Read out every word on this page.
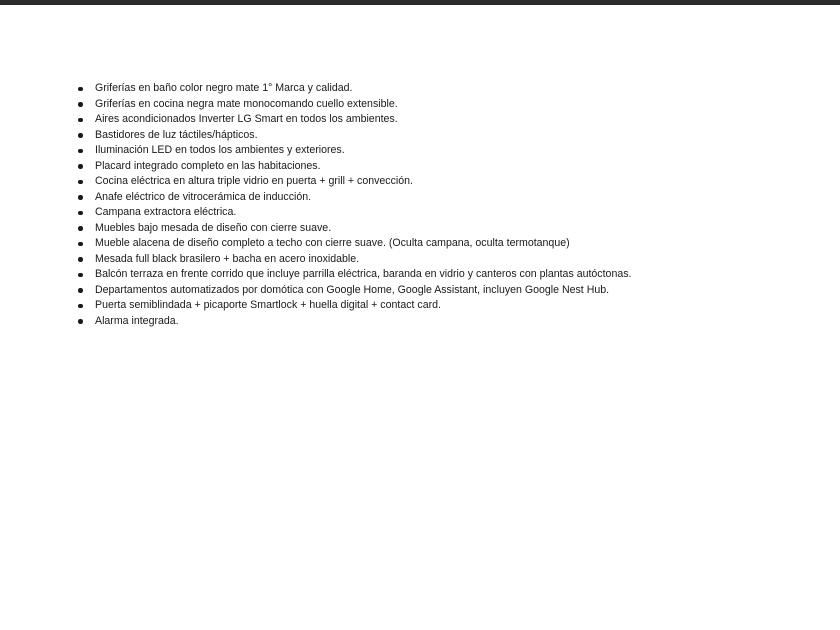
Griferías en baño color negro mate 1° Marca y calidad.
Griferías en cocina negra mate monocomando cuello extensible.
Aires acondicionados Inverter LG Smart en todos los ambientes.
Bastidores de luz táctiles/hápticos.
Iluminación LED en todos los ambientes y exteriores.
Placard integrado completo en las habitaciones.
Cocina eléctrica en altura triple vidrio en puerta + grill + convección.
Anafe eléctrico de vitrocerámica de inducción.
Campana extractora eléctrica.
Muebles bajo mesada de diseño con cierre suave.
Mueble alacena de diseño completo a techo con cierre suave. (Oculta campana, oculta termotanque)
Mesada full black brasilero + bacha en acero inoxidable.
Balcón terraza en frente corrido que incluye parrilla eléctrica, baranda en vidrio y canteros con plantas autóctonas.
Departamentos automatizados por domótica con Google Home, Google Assistant, incluyen Google Nest Hub.
Puerta semiblindada + picaporte Smartlock + huella digital + contact card.
Alarma integrada.
